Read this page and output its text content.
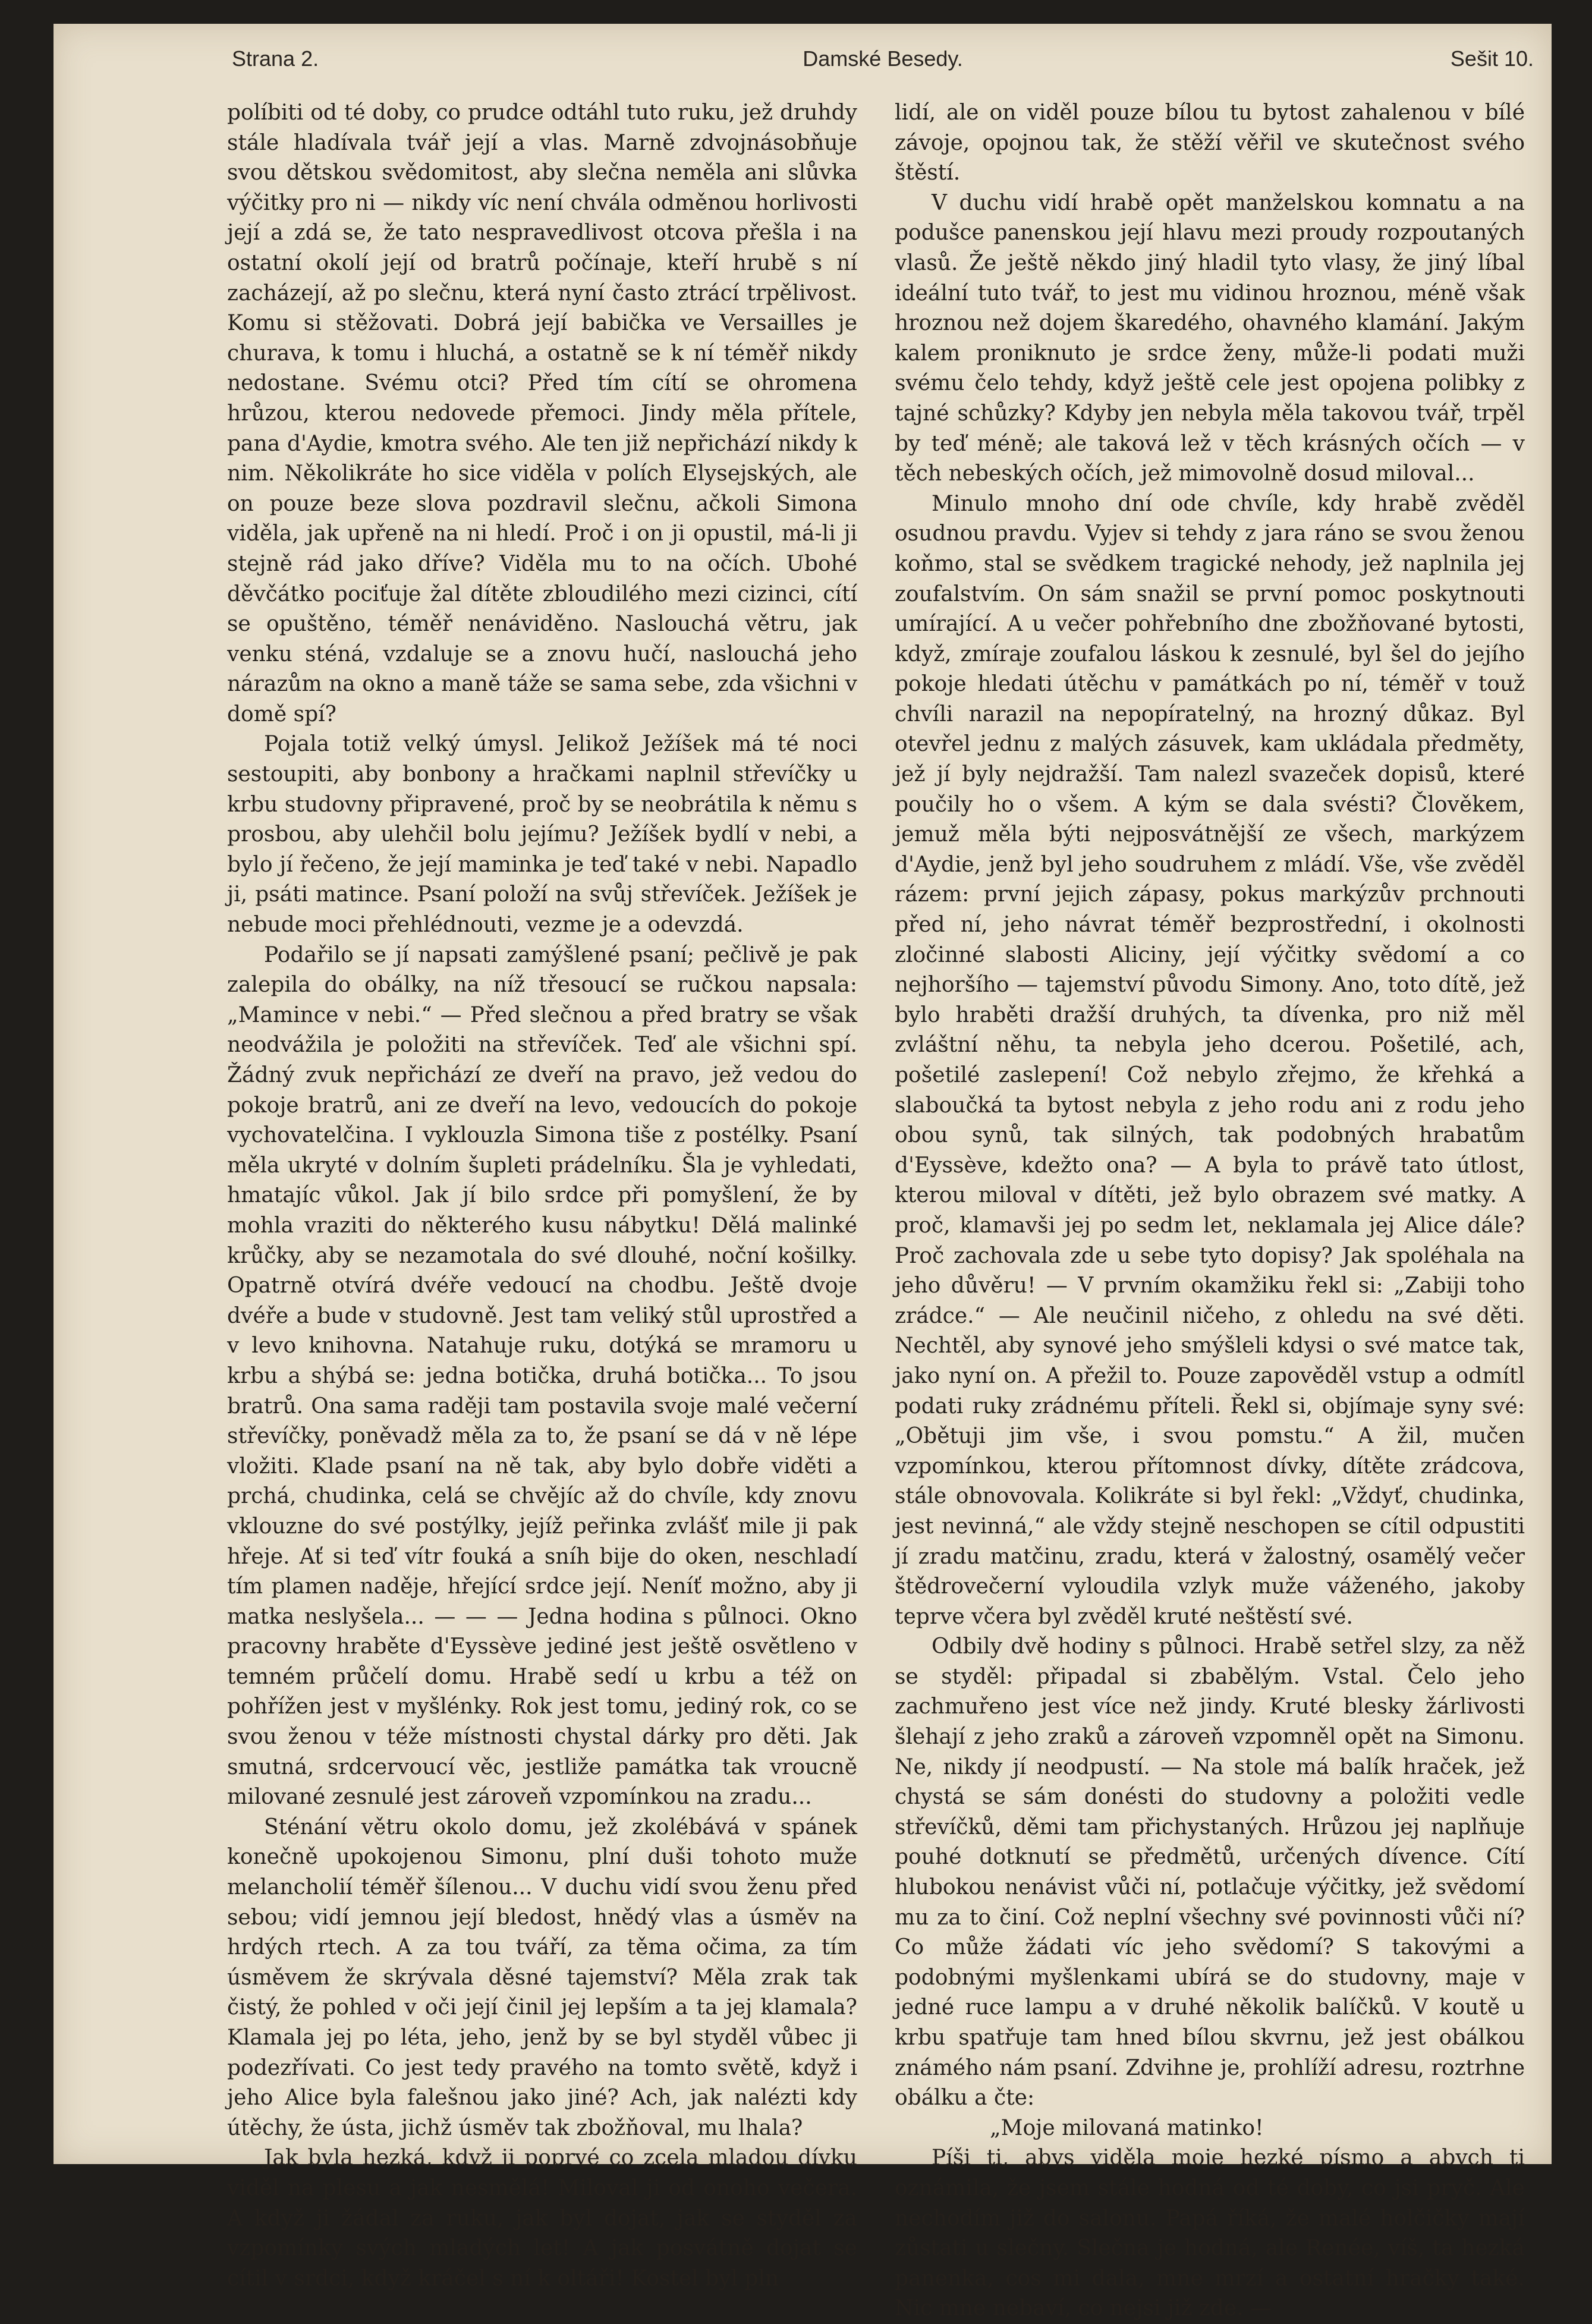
Strana 2.	Damské Besedy.	Sešit 10.

políbiti od té doby, co prudce odtáhl tuto ruku, jež druhdy stále hladívala tvář její a vlas. Marně zdvojnásobňuje svou dětskou svědomitost, aby slečna neměla ani slůvka výčitky pro ni — nikdy víc není chvála odměnou horlivosti její a zdá se, že tato nespravedlivost otcova přešla i na ostatní okolí její od bratrů počínaje, kteří hrubě s ní zacházejí, až po slečnu, která nyní často ztrácí trpělivost. Komu si stěžovati. Dobrá její babička ve Versailles je churava, k tomu i hluchá, a ostatně se k ní téměř nikdy nedostane. Svému otci? Před tím cítí se ohromena hrůzou, kterou nedovede přemoci. Jindy měla přítele, pana d'Aydie, kmotra svého. Ale ten již nepřichází nikdy k nim. Několikráte ho sice viděla v polích Elysejských, ale on pouze beze slova pozdravil slečnu, ačkoli Simona viděla, jak upřeně na ni hledí. Proč i on ji opustil, má-li ji stejně rád jako dříve? Viděla mu to na očích. Ubohé děvčátko pociťuje žal dítěte zbloudilého mezi cizinci, cítí se opuštěno, téměř nenáviděno. Naslouchá větru, jak venku sténá, vzdaluje se a znovu hučí, naslouchá jeho nárazům na okno a maně táže se sama sebe, zda všichni v domě spí?

Pojala totiž velký úmysl. Jelikož Ježíšek má té noci sestoupiti, aby bonbony a hračkami naplnil střevíčky u krbu studovny připravené, proč by se neobrátila k němu s prosbou, aby ulehčil bolu jejímu? Ježíšek bydlí v nebi, a bylo jí řečeno, že její maminka je teď také v nebi. Napadlo ji, psáti matince. Psaní položí na svůj střevíček. Ježíšek je nebude moci přehlédnouti, vezme je a odevzdá.

Podařilo se jí napsati zamýšlené psaní; pečlivě je pak zalepila do obálky, na níž třesoucí se ručkou napsala: „Mamince v nebi.“ — Před slečnou a před bratry se však neodvážila je položiti na střevíček. Teď ale všichni spí. Žádný zvuk nepřichází ze dveří na pravo, jež vedou do pokoje bratrů, ani ze dveří na levo, vedoucích do pokoje vychovatelčina. I vyklouzla Simona tiše z postélky. Psaní měla ukryté v dolním šupleti prádelníku. Šla je vyhledati, hmatajíc vůkol. Jak jí bilo srdce při pomyšlení, že by mohla vraziti do některého kusu nábytku! Dělá malinké krůčky, aby se nezamotala do své dlouhé, noční košilky. Opatrně otvírá dvéře vedoucí na chodbu. Ještě dvoje dvéře a bude v studovně. Jest tam veliký stůl uprostřed a v levo knihovna. Natahuje ruku, dotýká se mramoru u krbu a shýbá se: jedna botička, druhá botička... To jsou bratrů. Ona sama raději tam postavila svoje malé večerní střevíčky, poněvadž měla za to, že psaní se dá v ně lépe vložiti. Klade psaní na ně tak, aby bylo dobře viděti a prchá, chudinka, celá se chvějíc až do chvíle, kdy znovu vklouzne do své postýlky, jejíž peřinka zvlášť mile ji pak hřeje. Ať si teď vítr fouká a sníh bije do oken, neschladí tím plamen naděje, hřející srdce její. Neníť možno, aby ji matka neslyšela... — — — Jedna hodina s půlnoci. Okno pracovny hraběte d'Eyssève jediné jest ještě osvětleno v temném průčelí domu. Hrabě sedí u krbu a též on pohřížen jest v myšlénky. Rok jest tomu, jediný rok, co se svou ženou v téže místnosti chystal dárky pro děti. Jak smutná, srdcervoucí věc, jestliže památka tak vroucně milované zesnulé jest zároveň vzpomínkou na zradu...

Sténání větru okolo domu, jež zkolébává v spánek konečně upokojenou Simonu, plní duši tohoto muže melancholií téměř šílenou... V duchu vidí svou ženu před sebou; vidí jemnou její bledost, hnědý vlas a úsměv na hrdých rtech. A za tou tváří, za těma očima, za tím úsměvem že skrývala děsné tajemství? Měla zrak tak čistý, že pohled v oči její činil jej lepším a ta jej klamala? Klamala jej po léta, jeho, jenž by se byl styděl vůbec ji podezřívati. Co jest tedy pravého na tomto světě, když i jeho Alice byla falešnou jako jiné? Ach, jak nalézti kdy útěchy, že ústa, jichž úsměv tak zbožňoval, mu lhala?

Jak byla hezká, když ji poprvé co zcela mladou dívku viděl na plesu a jak nesmělá! Miloval ji od onoho večera. A když ji žádal za ruku, jak byl dojat, jak se styděl za vzpomínky svých mladých let! A jak posvátně dojat se cítil v srdci, když kráčel s ní k oltáři! Kostel byl pln

lidí, ale on viděl pouze bílou tu bytost zahalenou v bílé závoje, opojnou tak, že stěží věřil ve skutečnost svého štěstí.

V duchu vidí hrabě opět manželskou komnatu a na podušce panenskou její hlavu mezi proudy rozpoutaných vlasů. Že ještě někdo jiný hladil tyto vlasy, že jiný líbal ideální tuto tvář, to jest mu vidinou hroznou, méně však hroznou než dojem škaredého, ohavného klamání. Jakým kalem proniknuto je srdce ženy, může-li podati muži svému čelo tehdy, když ještě cele jest opojena polibky z tajné schůzky? Kdyby jen nebyla měla takovou tvář, trpěl by teď méně; ale taková lež v těch krásných očích — v těch nebeských očích, jež mimovolně dosud miloval...

Minulo mnoho dní ode chvíle, kdy hrabě zvěděl osudnou pravdu. Vyjev si tehdy z jara ráno se svou ženou koňmo, stal se svědkem tragické nehody, jež naplnila jej zoufalstvím. On sám snažil se první pomoc poskytnouti umírající. A u večer pohřebního dne zbožňované bytosti, když, zmíraje zoufalou láskou k zesnulé, byl šel do jejího pokoje hledati útěchu v památkách po ní, téměř v touž chvíli narazil na nepopíratelný, na hrozný důkaz. Byl otevřel jednu z malých zásuvek, kam ukládala předměty, jež jí byly nejdražší. Tam nalezl svazeček dopisů, které poučily ho o všem. A kým se dala svésti? Člověkem, jemuž měla býti nejposvátnější ze všech, markýzem d'Aydie, jenž byl jeho soudruhem z mládí. Vše, vše zvěděl rázem: první jejich zápasy, pokus markýzův prchnouti před ní, jeho návrat téměř bezprostřední, i okolnosti zločinné slabosti Aliciny, její výčitky svědomí a co nejhoršího — tajemství původu Simony. Ano, toto dítě, jež bylo hraběti dražší druhých, ta dívenka, pro niž měl zvláštní něhu, ta nebyla jeho dcerou. Pošetilé, ach, pošetilé zaslepení! Což nebylo zřejmo, že křehká a slaboučká ta bytost nebyla z jeho rodu ani z rodu jeho obou synů, tak silných, tak podobných hrabatům d'Eyssève, kdežto ona? — A byla to právě tato útlost, kterou miloval v dítěti, jež bylo obrazem své matky. A proč, klamavši jej po sedm let, neklamala jej Alice dále? Proč zachovala zde u sebe tyto dopisy? Jak spoléhala na jeho důvěru! — V prvním okamžiku řekl si: „Zabiji toho zrádce.“ — Ale neučinil ničeho, z ohledu na své děti. Nechtěl, aby synové jeho smýšleli kdysi o své matce tak, jako nyní on. A přežil to. Pouze zapověděl vstup a odmítl podati ruky zrádnému příteli. Řekl si, objímaje syny své: „Obětuji jim vše, i svou pomstu.“ A žil, mučen vzpomínkou, kterou přítomnost dívky, dítěte zrádcova, stále obnovovala. Kolikráte si byl řekl: „Vždyť, chudinka, jest nevinná,“ ale vždy stejně neschopen se cítil odpustiti jí zradu matčinu, zradu, která v žalostný, osamělý večer štědrovečerní vyloudila vzlyk muže váženého, jakoby teprve včera byl zvěděl kruté neštěstí své.

Odbily dvě hodiny s půlnoci. Hrabě setřel slzy, za něž se styděl: připadal si zbabělým. Vstal. Čelo jeho zachmuřeno jest více než jindy. Kruté blesky žárlivosti šlehají z jeho zraků a zároveň vzpomněl opět na Simonu. Ne, nikdy jí neodpustí. — Na stole má balík hraček, jež chystá se sám donésti do studovny a položiti vedle střevíčků, děmi tam přichystaných. Hrůzou jej naplňuje pouhé dotknutí se předmětů, určených dívence. Cítí hlubokou nenávist vůči ní, potlačuje výčitky, jež svědomí mu za to činí. Což neplní všechny své povinnosti vůči ní? Co může žádati víc jeho svědomí? S takovými a podobnými myšlenkami ubírá se do studovny, maje v jedné ruce lampu a v druhé několik balíčků. V koutě u krbu spatřuje tam hned bílou skvrnu, jež jest obálkou známého nám psaní. Zdvihne je, prohlíží adresu, roztrhne obálku a čte:

„Moje milovaná matinko!

Píši ti, abys viděla moje hezké písmo a abych ti oznámila, že jsem stále hodná od té doby, co jsi pryč. Ale nechodím již do salonu. Papá říká, že malé holčičky mají zůstati u slečny. Slečna je hodná, ale Renée, víš, ta hezká panenka, cos mi dala, mne mrzí a ostatní hračky také. Nic mne nebaví, co nejsi již zde. —
